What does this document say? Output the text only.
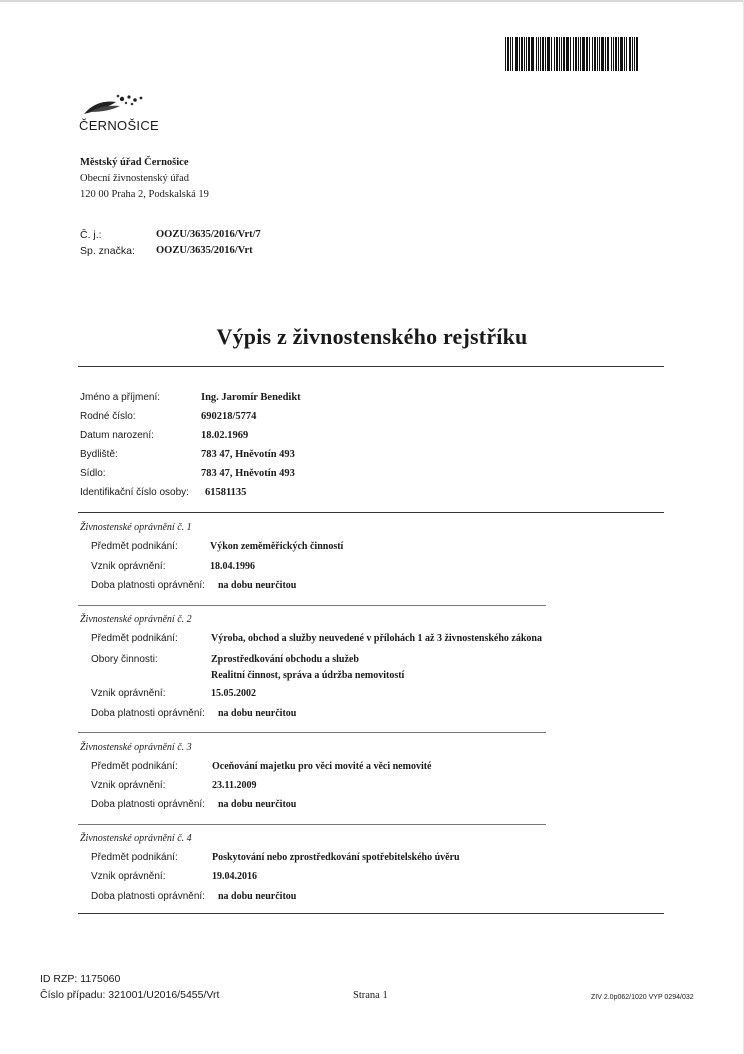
ČERNOŠICE
Městský úřad Černošice
Obecní živnostenský úřad
120 00 Praha 2, Podskalská 19
Č. j.:	OOZU/3635/2016/Vrt/7
Sp. značka: OOZU/3635/2016/Vrt
Výpis z živnostenského rejstříku
Jméno a příjmení:	Ing. Jaromír Benedikt
Rodné číslo:	690218/5774
Datum narození:	18.02.1969
Bydliště:	783 47, Hněvotín 493
Sídlo:	783 47, Hněvotín 493
Identifikační číslo osoby: 61581135
Živnostenské oprávnění č. 1
Předmět podnikání:	Výkon zeměměřických činností
Vznik oprávnění:	18.04.1996
Doba platnosti oprávnění: na dobu neurčitou
Živnostenské oprávnění č. 2
Předmět podnikání:	Výroba, obchod a služby neuvedené v přílohách 1 až 3 živnostenského zákona
Obory činnosti:	Zprostředkování obchodu a služeb
Realitní činnost, správa a údržba nemovitostí
Vznik oprávnění:	15.05.2002
Doba platnosti oprávnění: na dobu neurčitou
Živnostenské oprávnění č. 3
Předmět podnikání:	Oceňování majetku pro věci movité a věci nemovité
Vznik oprávnění:	23.11.2009
Doba platnosti oprávnění: na dobu neurčitou
Živnostenské oprávnění č. 4
Předmět podnikání:	Poskytování nebo zprostředkování spotřebitelského úvěru
Vznik oprávnění:	19.04.2016
Doba platnosti oprávnění: na dobu neurčitou
ID RZP: 1175060
Číslo případu: 321001/U2016/5455/Vrt	Strana 1	ZIV 2.0p062/1020 VYP 0294/032
